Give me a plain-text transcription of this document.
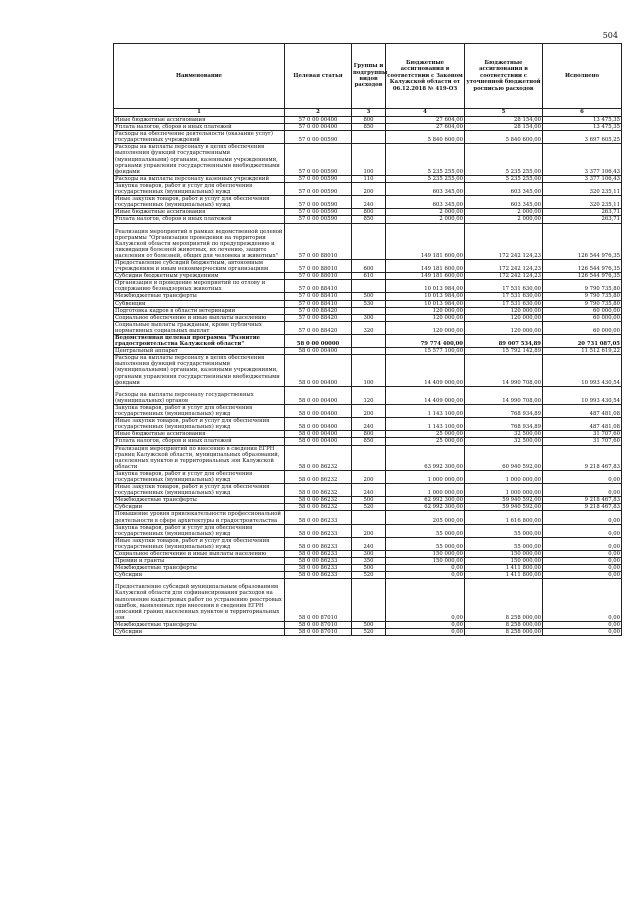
504
Наименование	Целевая статья	Группы и подгруппы видов расходов	Бюджетные ассигнования в соответствии с Законом Калужской области от 06.12.2018 № 419-ОЗ	Бюджетные ассигнования в соответствии с уточненной бюджетной росписью расходов	Исполнено
1	2	3	4	5	6
Иные бюджетные ассигнования	57 0 00 00400	800	27 604,00	28 154,00	13 475,35
Уплата налогов, сборов и иных платежей	57 0 00 00400	850	27 604,00	28 154,00	13 475,35
Расходы на обеспечение деятельности (оказание услуг) государственных учреждений	57 0 00 00590		5 840 600,00	5 840 600,00	3 697 605,25
Расходы на выплаты персоналу в целях обеспечения выполнения функций государственными (муниципальными) органами, казенными учреждениями, органами управления государственными внебюджетными фондами	57 0 00 00590	100	5 235 255,00	5 235 255,00	3 377 106,43
Расходы на выплаты персоналу казенных учреждений	57 0 00 00590	110	5 235 255,00	5 235 255,00	3 377 106,43
Закупка товаров, работ и услуг для обеспечения государственных (муниципальных) нужд	57 0 00 00590	200	603 345,00	603 345,00	320 235,11
Иные закупки товаров, работ и услуг для обеспечения государственных (муниципальных) нужд	57 0 00 00590	240	603 345,00	603 345,00	320 235,11
Иные бюджетные ассигнования	57 0 00 00590	800	2 000,00	2 000,00	263,71
Уплата налогов, сборов и иных платежей	57 0 00 00590	850	2 000,00	2 000,00	263,71
Реализация мероприятий в рамках ведомственной целевой программы "Организация проведения на территории Калужской области мероприятий по предупреждению и ликвидации болезней животных, их лечению, защите населения от болезней, общих для человека и животных"	57 0 00 88010		149 181 600,00	172 242 124,23	126 544 976,35
Предоставление субсидий бюджетным, автономным учреждениям и иным некоммерческим организациям	57 0 00 88010	600	149 181 600,00	172 242 124,23	126 544 976,35
Субсидии бюджетным учреждениям	57 0 00 88010	610	149 181 600,00	172 242 124,23	126 544 976,35
Организация и проведение мероприятий по отлову и содержанию безнадзорных животных	57 0 00 88410		10 013 984,00	17 531 630,00	9 790 735,80
Межбюджетные трансферты	57 0 00 88410	500	10 013 984,00	17 531 630,00	9 790 735,80
Субвенции	57 0 00 88410	530	10 013 984,00	17 531 630,00	9 790 735,80
Подготовка кадров в области ветеринарии	57 0 00 88420		120 000,00	120 000,00	60 000,00
Социальное обеспечение и иные выплаты населению	57 0 00 88420	300	120 000,00	120 000,00	60 000,00
Социальные выплаты гражданам, кроме публичных нормативных социальных выплат	57 0 00 88420	320	120 000,00	120 000,00	60 000,00
Ведомственная целевая программа "Развитие градостроительства Калужской области"	58 0 00 00000		79 774 400,00	89 007 534,89	20 731 087,05
Центральный аппарат	58 0 00 00400		15 577 100,00	15 792 142,89	11 512 619,22
Расходы на выплаты персоналу в целях обеспечения выполнения функций государственными (муниципальными) органами, казенными учреждениями, органами управления государственными внебюджетными фондами	58 0 00 00400	100	14 409 000,00	14 990 708,00	10 993 430,54
Расходы на выплаты персоналу государственных (муниципальных) органов	58 0 00 00400	120	14 409 000,00	14 990 708,00	10 993 430,54
Закупка товаров, работ и услуг для обеспечения государственных (муниципальных) нужд	58 0 00 00400	200	1 143 100,00	768 934,89	487 481,08
Иные закупки товаров, работ и услуг для обеспечения государственных (муниципальных) нужд	58 0 00 00400	240	1 143 100,00	768 934,89	487 481,08
Иные бюджетные ассигнования	58 0 00 00400	800	25 000,00	32 500,00	31 707,60
Уплата налогов, сборов и иных платежей	58 0 00 00400	850	25 000,00	32 500,00	31 707,60
Реализация мероприятий по внесению в сведения ЕГРН границ Калужской области, муниципальных образований, населенных пунктов и территориальных зон Калужской области	58 0 00 86232		63 992 300,00	60 940 592,00	9 218 467,83
Закупка товаров, работ и услуг для обеспечения государственных (муниципальных) нужд	58 0 00 86232	200	1 000 000,00	1 000 000,00	0,00
Иные закупки товаров, работ и услуг для обеспечения государственных (муниципальных) нужд	58 0 00 86232	240	1 000 000,00	1 000 000,00	0,00
Межбюджетные трансферты	58 0 00 86232	500	62 992 300,00	59 940 592,00	9 218 467,83
Субсидии	58 0 00 86232	520	62 992 300,00	59 940 592,00	9 218 467,83
Повышение уровня привлекательности профессиональной деятельности в сфере архитектуры и градостроительства	58 0 00 86233		205 000,00	1 616 800,00	0,00
Закупка товаров, работ и услуг для обеспечения государственных (муниципальных) нужд	58 0 00 86233	200	55 000,00	55 000,00	0,00
Иные закупки товаров, работ и услуг для обеспечения государственных (муниципальных) нужд	58 0 00 86233	240	55 000,00	55 000,00	0,00
Социальное обеспечение и иные выплаты населению	58 0 00 86233	300	150 000,00	150 000,00	0,00
Премии и гранты	58 0 00 86233	350	150 000,00	150 000,00	0,00
Межбюджетные трансферты	58 0 00 86233	500	0,00	1 411 800,00	0,00
Субсидии	58 0 00 86233	520	0,00	1 411 800,00	0,00
Предоставление субсидий муниципальным образованиям Калужской области для софинансирования расходов на выполнение кадастровых работ по устранению реестровых ошибок, выявленных при внесении в сведения ЕГРН описаний границ населенных пунктов и территориальных зон	58 0 00 87010		0,00	8 258 000,00	0,00
Межбюджетные трансферты	58 0 00 87010	500	0,00	8 258 000,00	0,00
Субсидии	58 0 00 87010	520	0,00	8 258 000,00	0,00
